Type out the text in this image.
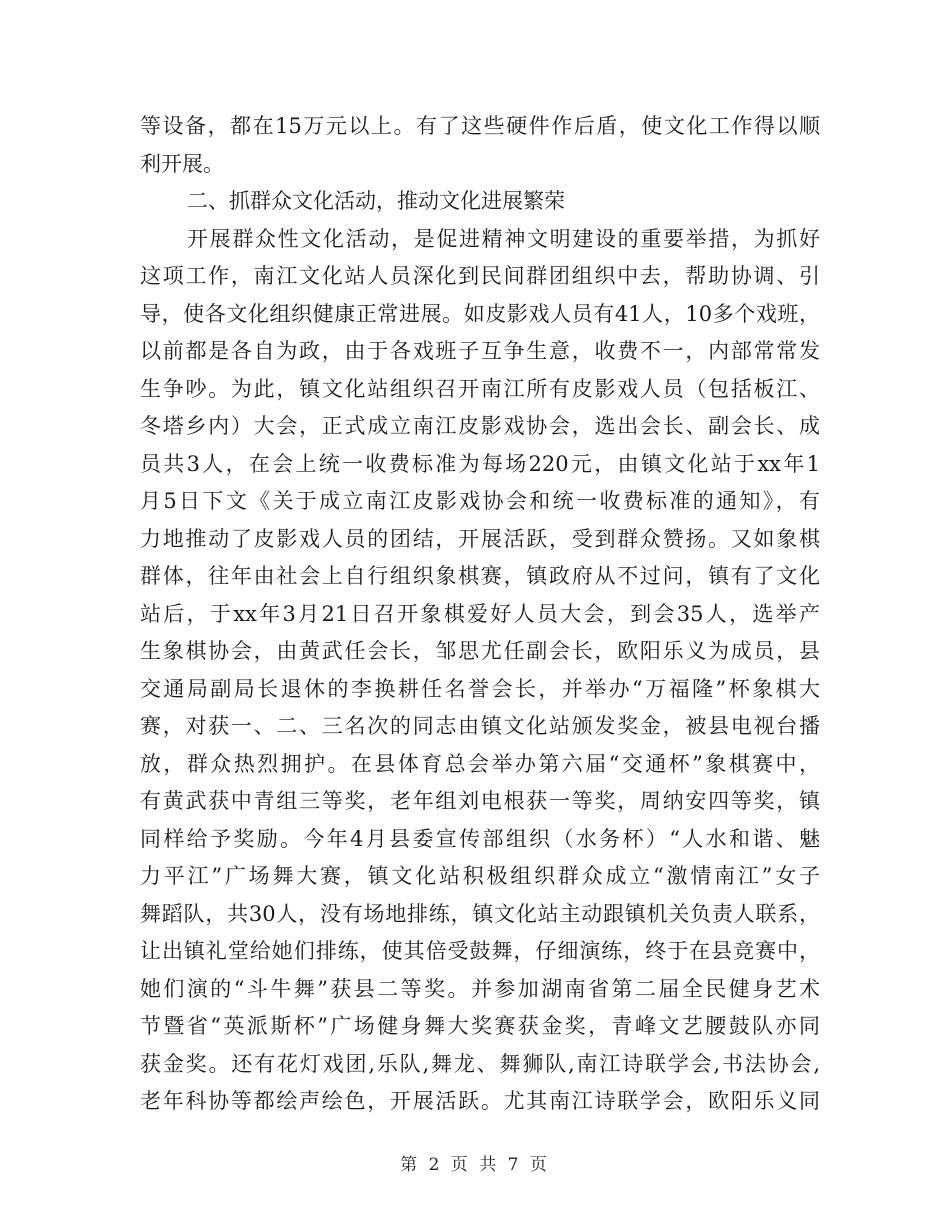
等设备，都在15万元以上。有了这些硬件作后盾，使文化工作得以顺
利开展。
二、抓群众文化活动，推动文化进展繁荣
开展群众性文化活动，是促进精神文明建设的重要举措，为抓好
这项工作，南江文化站人员深化到民间群团组织中去，帮助协调、引
导，使各文化组织健康正常进展。如皮影戏人员有41人，10多个戏班，
以前都是各自为政，由于各戏班子互争生意，收费不一，内部常常发
生争吵。为此，镇文化站组织召开南江所有皮影戏人员（包括板江、
冬塔乡内）大会，正式成立南江皮影戏协会，选出会长、副会长、成
员共3人，在会上统一收费标准为每场220元，由镇文化站于xx年1
月5日下文《关于成立南江皮影戏协会和统一收费标准的通知》，有
力地推动了皮影戏人员的团结，开展活跃，受到群众赞扬。又如象棋
群体，往年由社会上自行组织象棋赛，镇政府从不过问，镇有了文化
站后，于xx年3月21日召开象棋爱好人员大会，到会35人，选举产
生象棋协会，由黄武任会长，邹思尤任副会长，欧阳乐义为成员，县
交通局副局长退休的李换耕任名誉会长，并举办“万福隆”杯象棋大
赛，对获一、二、三名次的同志由镇文化站颁发奖金，被县电视台播
放，群众热烈拥护。在县体育总会举办第六届“交通杯”象棋赛中，
有黄武获中青组三等奖，老年组刘电根获一等奖，周纳安四等奖，镇
同样给予奖励。今年4月县委宣传部组织（水务杯）“人水和谐、魅
力平江”广场舞大赛，镇文化站积极组织群众成立“激情南江”女子
舞蹈队，共30人，没有场地排练，镇文化站主动跟镇机关负责人联系，
让出镇礼堂给她们排练，使其倍受鼓舞，仔细演练，终于在县竞赛中，
她们演的“斗牛舞”获县二等奖。并参加湖南省第二届全民健身艺术
节暨省“英派斯杯”广场健身舞大奖赛获金奖，青峰文艺腰鼓队亦同
获金奖。还有花灯戏团,乐队,舞龙、舞狮队,南江诗联学会,书法协会,
老年科协等都绘声绘色，开展活跃。尤其南江诗联学会，欧阳乐义同
第 2 页 共 7 页
